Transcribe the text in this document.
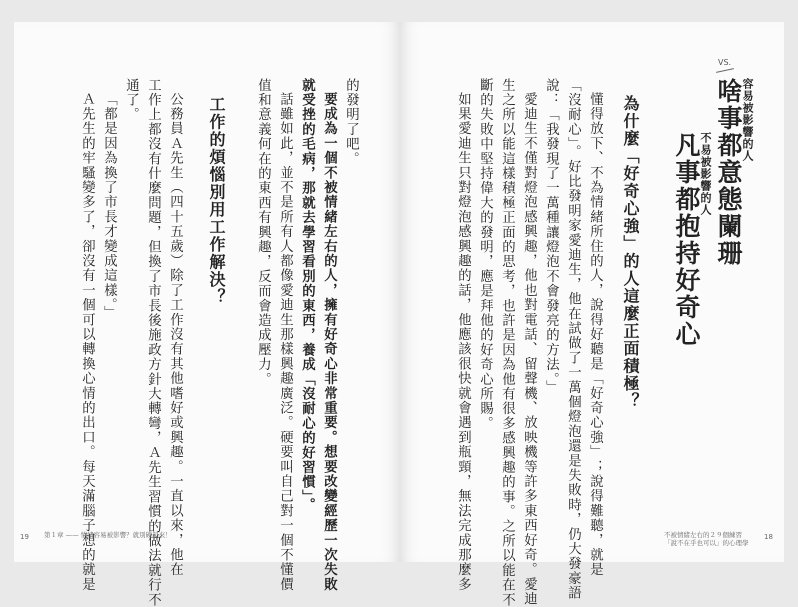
VS.
容易被影響的人
啥事都意態闌珊
不易被影響的人
凡事都抱持好奇心
為什麼「好奇心強」的人這麼正面積極？
懂得放下、不為情緒所住的人，說得好聽是「好奇心強」；說得難聽，就是
「沒耐心」。好比發明家愛迪生，他在試做了一萬個燈泡還是失敗時，仍大發豪語
說：「我發現了一萬種讓燈泡不會發亮的方法。」
愛迪生不僅對燈泡感興趣，他也對電話、留聲機、放映機等許多東西好奇。愛迪
生之所以能這樣積極正面的思考，也許是因為他有很多感興趣的事。之所以能在不
斷的失敗中堅持偉大的發明，應是拜他的好奇心所賜。
如果愛迪生只對燈泡感興趣的話，他應該很快就會遇到瓶頸，無法完成那麼多	不被情緒左右的２９個練習
「說不在乎也可以」的心理學
18
的發明了吧。
要成為一個不被情緒左右的人，擁有好奇心非常重要。想要改變經歷一次失敗
就受挫的毛病，那就去學習看別的東西，養成「沒耐心的好習慣」。
話雖如此，並不是所有人都像愛迪生那樣興趣廣泛。硬要叫自己對一個不懂價
值和意義何在的東西有興趣，反而會造成壓力。
工作的煩惱別用工作解決？
公務員Ａ先生（四十五歲）除了工作沒有其他嗜好或興趣。一直以來，他在
工作上都沒有什麼問題，但換了市長後施政方針大轉彎，Ａ先生習慣的做法就行不
通了。
「都是因為換了市長才變成這樣。」
Ａ先生的牢騷變多了，卻沒有一個可以轉換心情的出口。每天滿腦子想的就是
19 第１章 —— 情緒容易被影響？就別硬起來！
